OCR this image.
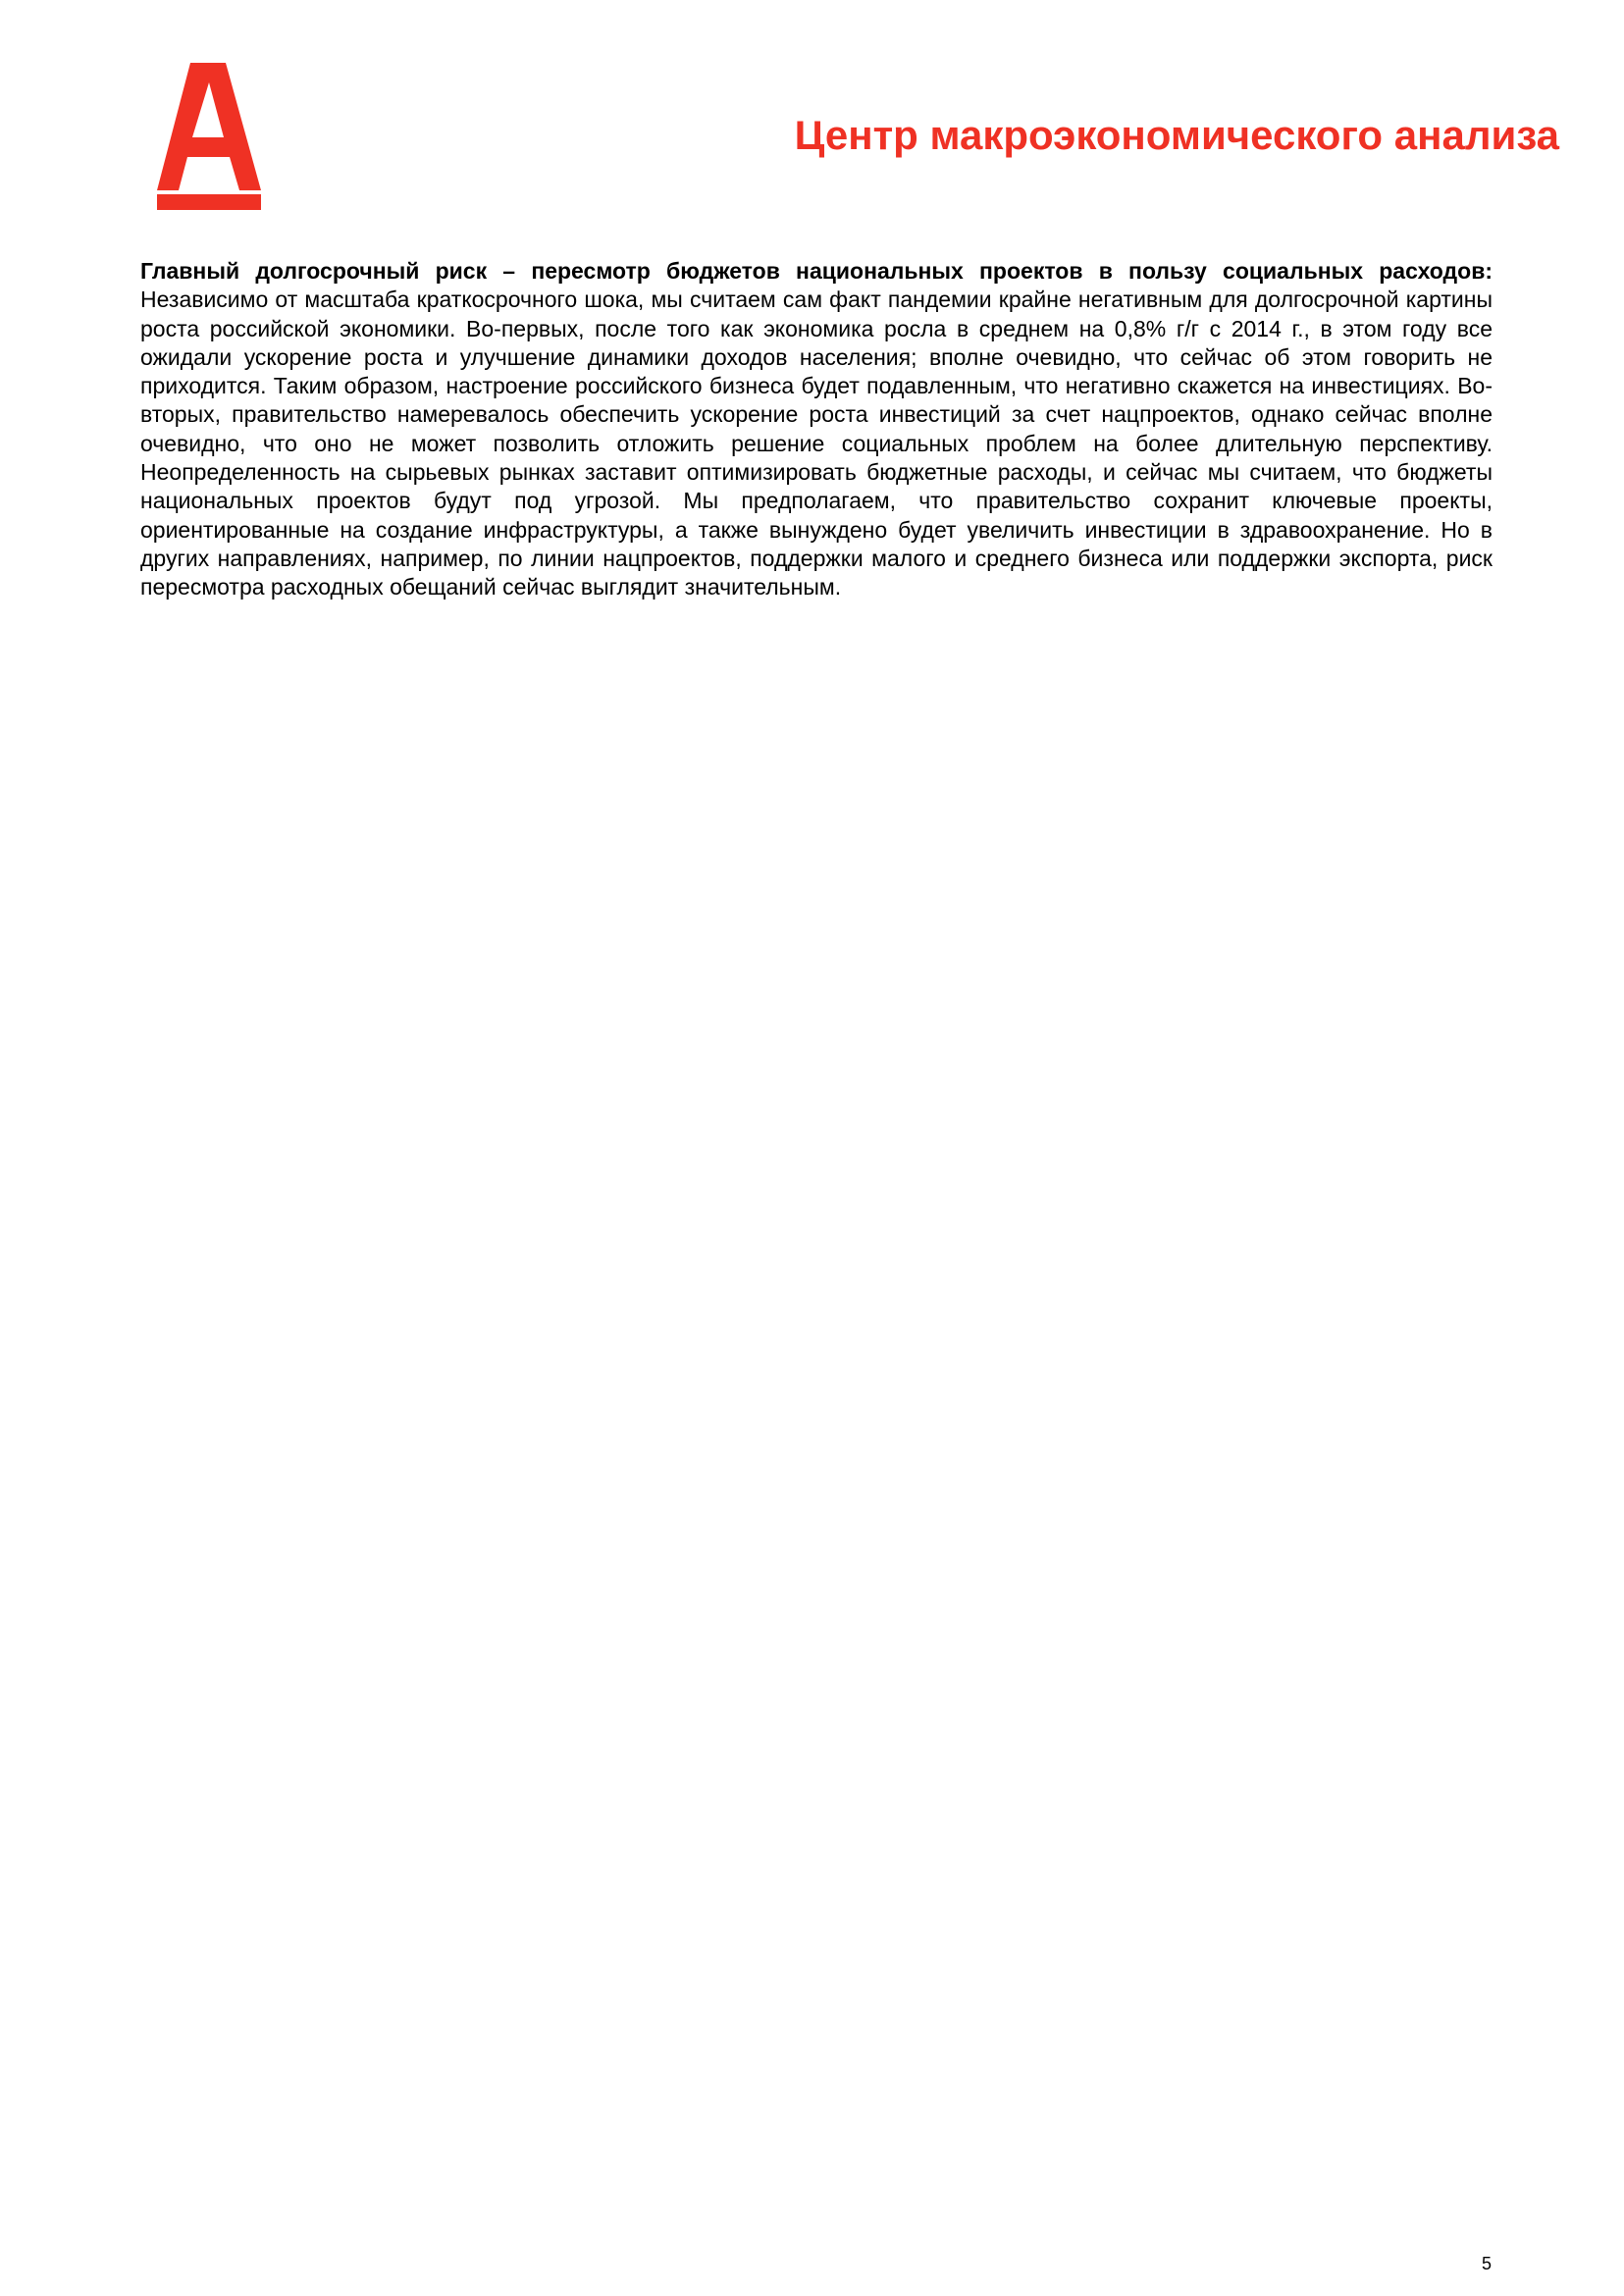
Центр макроэкономического анализа

Главный долгосрочный риск – пересмотр бюджетов национальных проектов в пользу социальных расходов: Независимо от масштаба краткосрочного шока, мы считаем сам факт пандемии крайне негативным для долгосрочной картины роста российской экономики. Во-первых, после того как экономика росла в среднем на 0,8% г/г с 2014 г., в этом году все ожидали ускорение роста и улучшение динамики доходов населения; вполне очевидно, что сейчас об этом говорить не приходится. Таким образом, настроение российского бизнеса будет подавленным, что негативно скажется на инвестициях. Во-вторых, правительство намеревалось обеспечить ускорение роста инвестиций за счет нацпроектов, однако сейчас вполне очевидно, что оно не может позволить отложить решение социальных проблем на более длительную перспективу. Неопределенность на сырьевых рынках заставит оптимизировать бюджетные расходы, и сейчас мы считаем, что бюджеты национальных проектов будут под угрозой. Мы предполагаем, что правительство сохранит ключевые проекты, ориентированные на создание инфраструктуры, а также вынуждено будет увеличить инвестиции в здравоохранение. Но в других направлениях, например, по линии нацпроектов, поддержки малого и среднего бизнеса или поддержки экспорта, риск пересмотра расходных обещаний сейчас выглядит значительным.

5
